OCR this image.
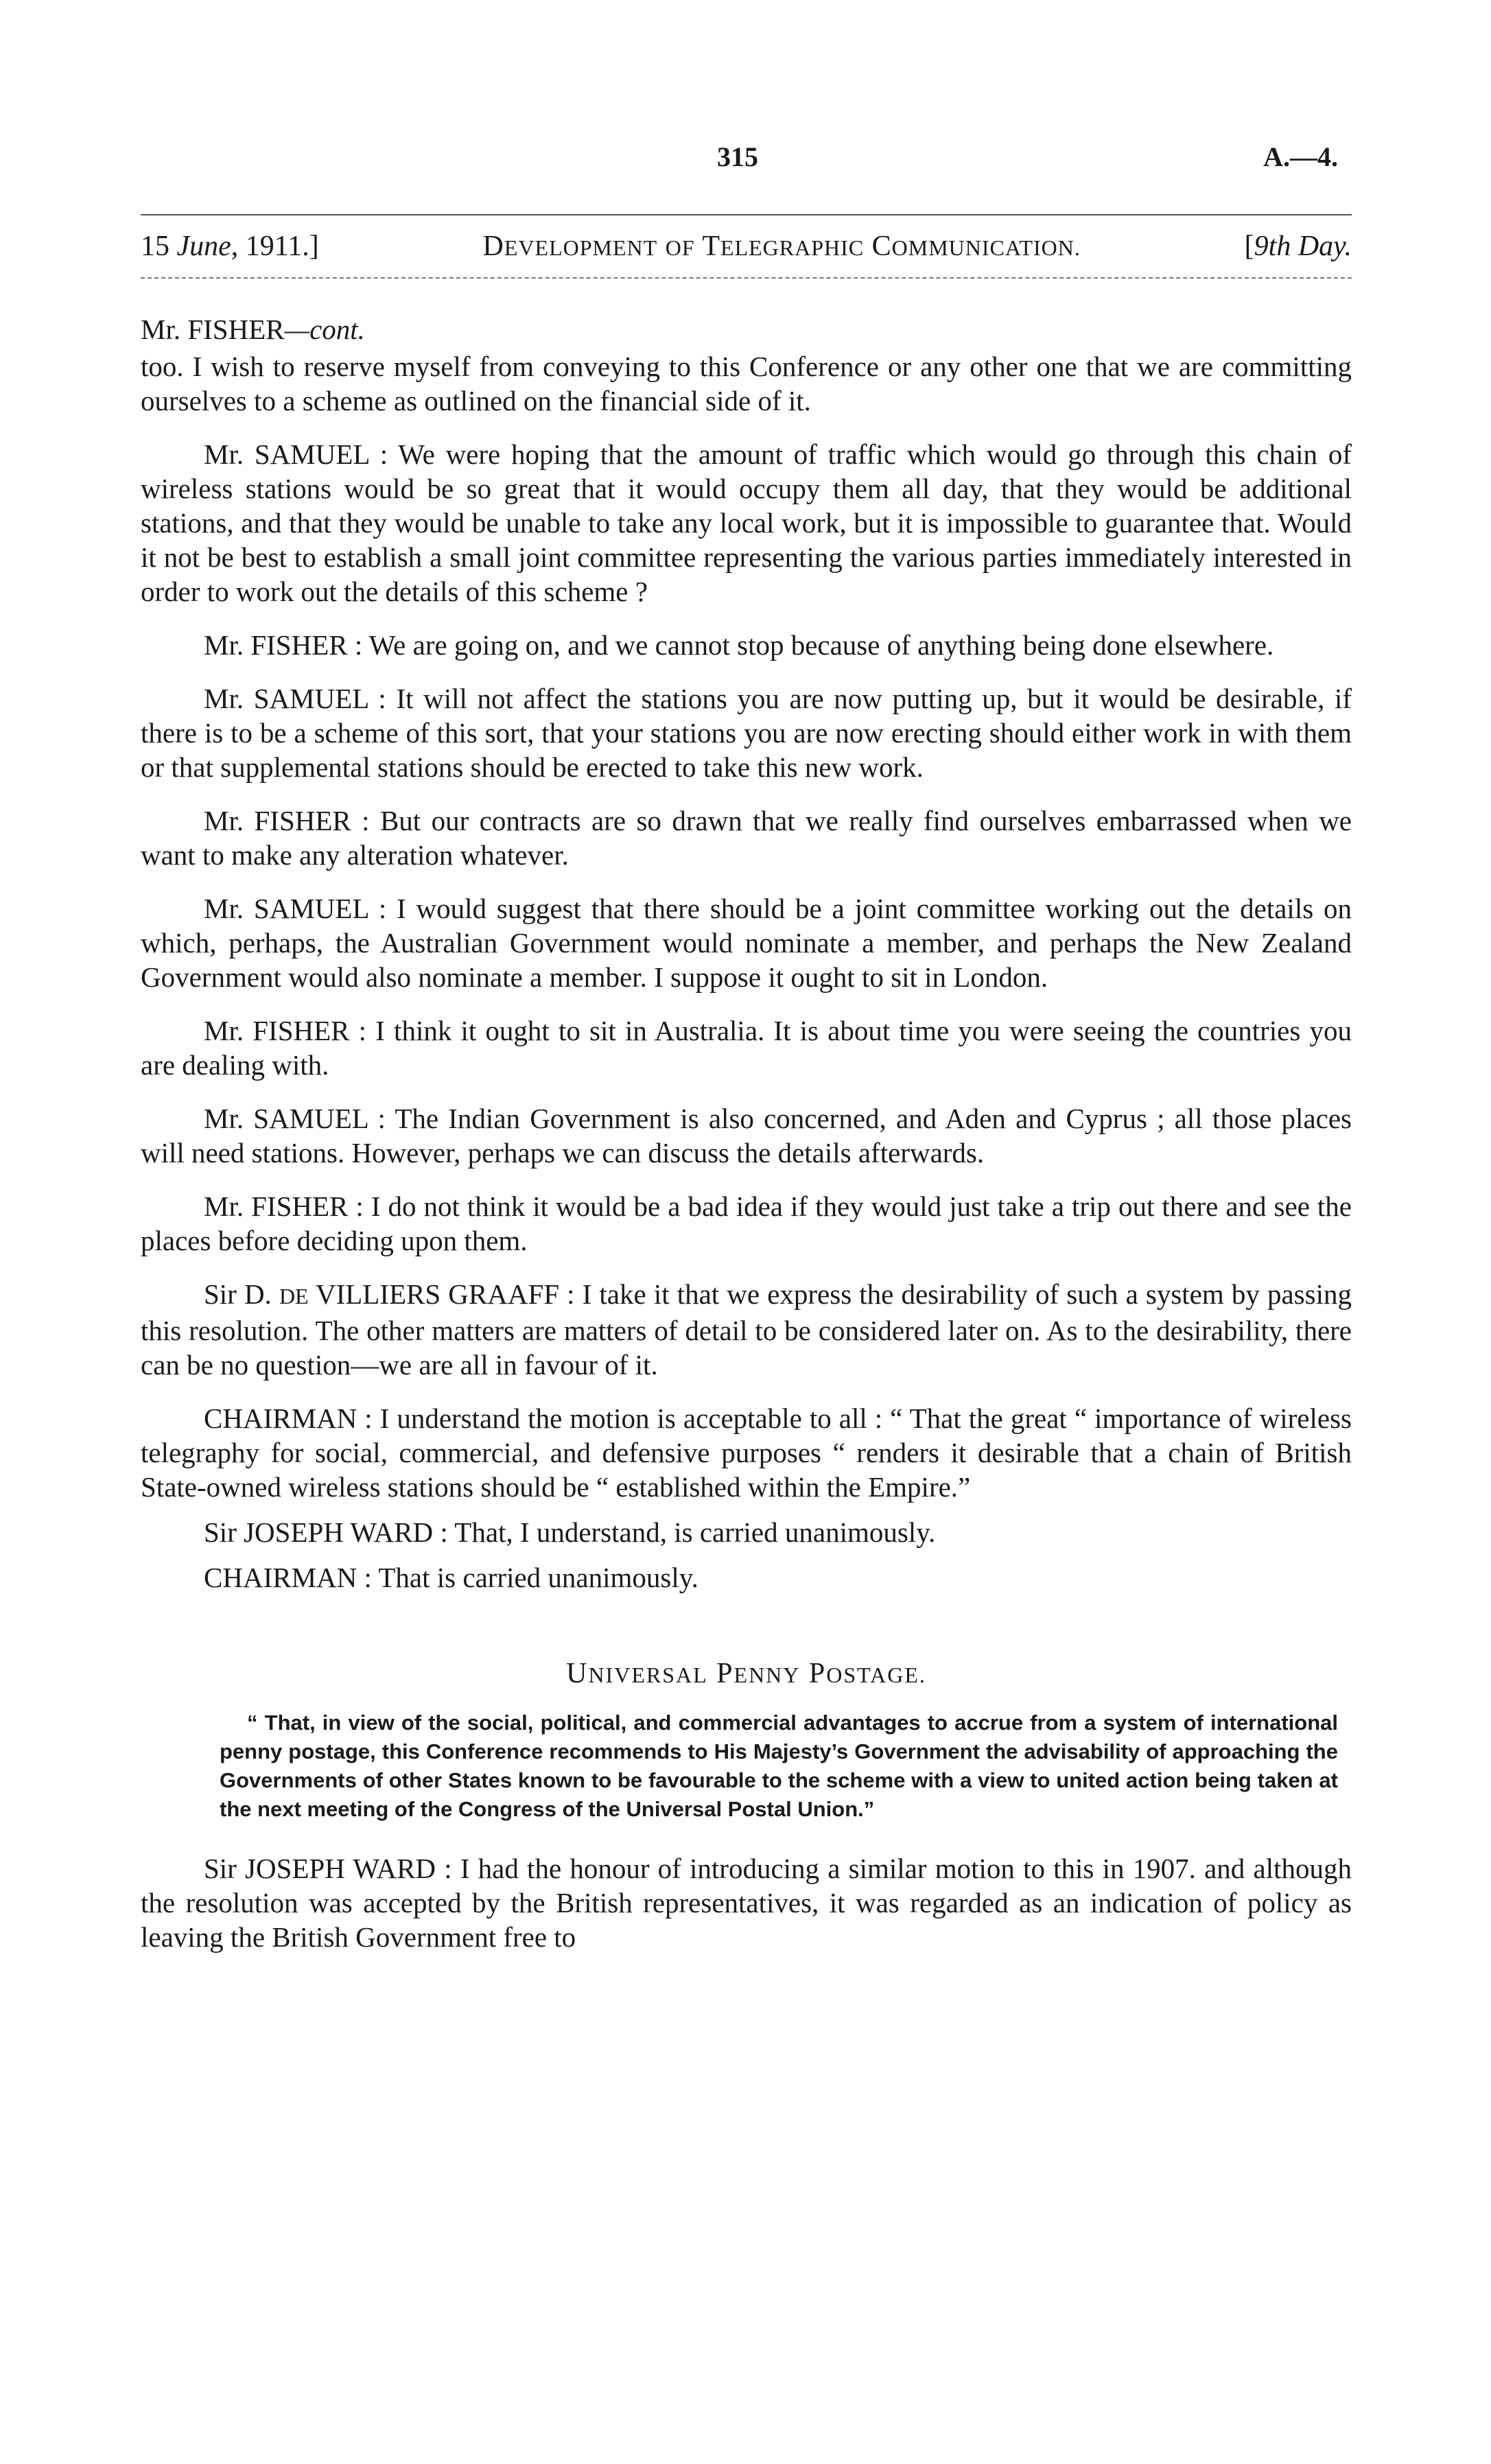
315	A.—4.
15 June, 1911.]	DEVELOPMENT OF TELEGRAPHIC COMMUNICATION.	[9th Day.
Mr. FISHER—cont.

too. I wish to reserve myself from conveying to this Conference or any other one that we are committing ourselves to a scheme as outlined on the financial side of it.

Mr. SAMUEL : We were hoping that the amount of traffic which would go through this chain of wireless stations would be so great that it would occupy them all day, that they would be additional stations, and that they would be unable to take any local work, but it is impossible to guarantee that. Would it not be best to establish a small joint committee representing the various parties immediately interested in order to work out the details of this scheme ?

Mr. FISHER : We are going on, and we cannot stop because of anything being done elsewhere.

Mr. SAMUEL : It will not affect the stations you are now putting up, but it would be desirable, if there is to be a scheme of this sort, that your stations you are now erecting should either work in with them or that supplemental stations should be erected to take this new work.

Mr. FISHER : But our contracts are so drawn that we really find ourselves embarrassed when we want to make any alteration whatever.

Mr. SAMUEL : I would suggest that there should be a joint committee working out the details on which, perhaps, the Australian Government would nominate a member, and perhaps the New Zealand Government would also nominate a member. I suppose it ought to sit in London.

Mr. FISHER : I think it ought to sit in Australia. It is about time you were seeing the countries you are dealing with.

Mr. SAMUEL : The Indian Government is also concerned, and Aden and Cyprus ; all those places will need stations. However, perhaps we can discuss the details afterwards.

Mr. FISHER : I do not think it would be a bad idea if they would just take a trip out there and see the places before deciding upon them.

Sir D. DE VILLIERS GRAAFF : I take it that we express the desirability of such a system by passing this resolution. The other matters are matters of detail to be considered later on. As to the desirability, there can be no question—we are all in favour of it.

CHAIRMAN : I understand the motion is acceptable to all : “ That the great “ importance of wireless telegraphy for social, commercial, and defensive purposes “ renders it desirable that a chain of British State-owned wireless stations should be “ established within the Empire.”

Sir JOSEPH WARD : That, I understand, is carried unanimously.

CHAIRMAN : That is carried unanimously.

UNIVERSAL PENNY POSTAGE.
“ That, in view of the social, political, and commercial advantages to accrue from a system of international penny postage, this Conference recommends to His Majesty’s Government the advisability of approaching the Governments of other States known to be favourable to the scheme with a view to united action being taken at the next meeting of the Congress of the Universal Postal Union.”

Sir JOSEPH WARD : I had the honour of introducing a similar motion to this in 1907. and although the resolution was accepted by the British representatives, it was regarded as an indication of policy as leaving the British Government free to
